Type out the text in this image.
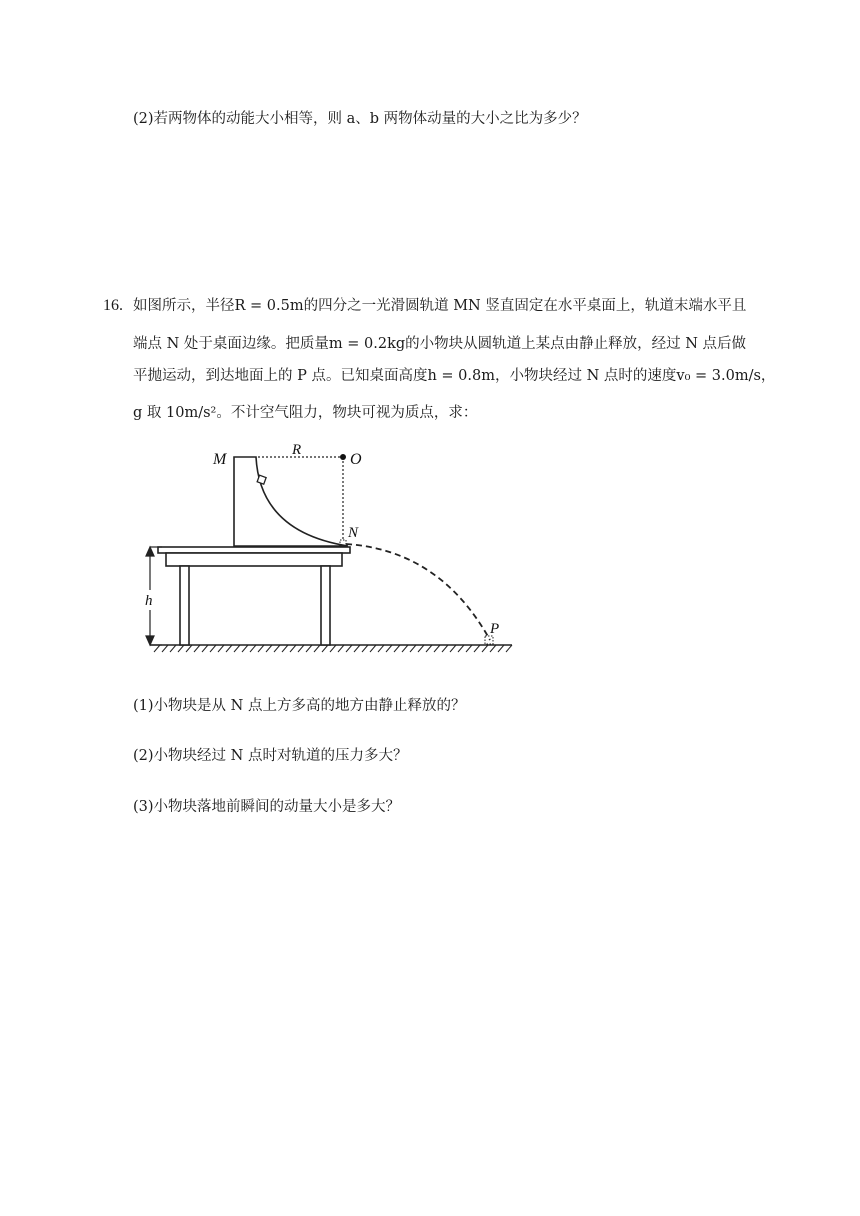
(2)若两物体的动能大小相等，则 a、b 两物体动量的大小之比为多少？
16. 如图所示，半径R = 0.5m的四分之一光滑圆轨道 MN 竖直固定在水平桌面上，轨道末端水平且
端点 N 处于桌面边缘。把质量m = 0.2kg的小物块从圆轨道上某点由静止释放，经过 N 点后做
平抛运动，到达地面上的 P 点。已知桌面高度h = 0.8m，小物块经过 N 点时的速度v₀ = 3.0m/s，
g 取 10m/s²。不计空气阻力，物块可视为质点，求：
h
M
R
O
N
P
(1)小物块是从 N 点上方多高的地方由静止释放的？
(2)小物块经过 N 点时对轨道的压力多大？
(3)小物块落地前瞬间的动量大小是多大？
